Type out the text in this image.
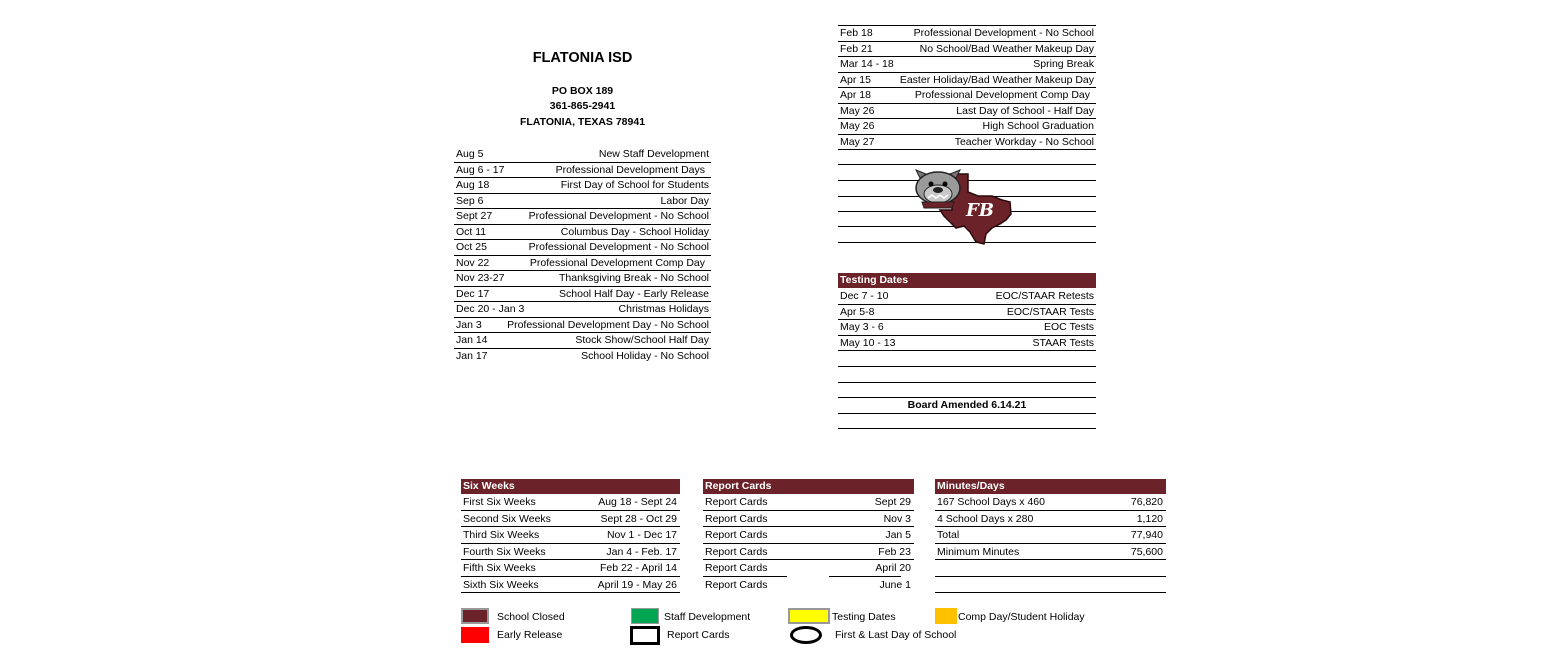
FLATONIA ISD
PO BOX 189
361-865-2941
FLATONIA, TEXAS 78941
Aug 5	New Staff Development
Aug 6 - 17	Professional Development Days
Aug 18	First Day of School for Students
Sep 6	Labor Day
Sept 27	Professional Development - No School
Oct 11	Columbus Day - School Holiday
Oct 25	Professional Development - No School
Nov 22	Professional Development Comp Day
Nov 23-27	Thanksgiving Break - No School
Dec 17	School Half Day - Early Release
Dec 20 - Jan 3	Christmas Holidays
Jan 3 Professional Development Day - No School
Jan 14	Stock Show/School Half Day
Jan 17	School Holiday - No School
Feb 18	Professional Development - No School
Feb 21	No School/Bad Weather Makeup Day
Mar 14 - 18	Spring Break
Apr 15	Easter Holiday/Bad Weather Makeup Day
Apr 18	Professional Development Comp Day
May 26	Last Day of School - Half Day
May 26	High School Graduation
May 27	Teacher Workday - No School
FB
Testing Dates
Dec 7 - 10	EOC/STAAR Retests
Apr 5-8	EOC/STAAR Tests
May 3 - 6	EOC Tests
May 10 - 13	STAAR Tests
Board Amended 6.14.21
Six Weeks
First Six Weeks	Aug 18 - Sept 24
Second Six Weeks	Sept 28 - Oct 29
Third Six Weeks	Nov 1 - Dec 17
Fourth Six Weeks	Jan 4 - Feb. 17
Fifth Six Weeks	Feb 22 - April 14
Sixth Six Weeks	April 19 - May 26
Report Cards
Report Cards	Sept 29
Report Cards	Nov 3
Report Cards	Jan 5
Report Cards	Feb 23
Report Cards	April 20
Report Cards	June 1
Minutes/Days
167 School Days x 460	76,820
4 School Days x 280	1,120
Total	77,940
Minimum Minutes	75,600
School Closed	Staff Development	Testing Dates	Comp Day/Student Holiday
Early Release	Report Cards	First & Last Day of School
